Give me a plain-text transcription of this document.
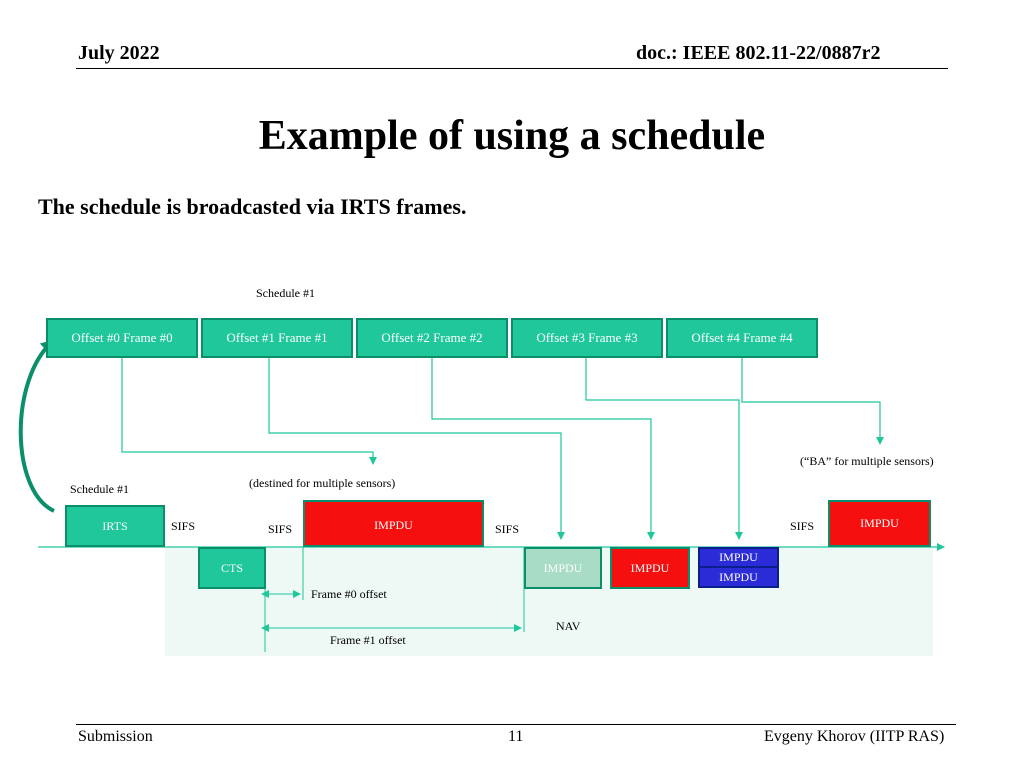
July 2022	doc.: IEEE 802.11-22/0887r2
Example of using a schedule
The schedule is broadcasted via IRTS frames.
Schedule #1
Offset #0 Frame #0	Offset #1 Frame #1	Offset #2 Frame #2	Offset #3 Frame #3	Offset #4 Frame #4
(“BA” for multiple sensors)
(destined for multiple sensors)
Schedule #1
IRTS	SIFS	SIFS	IMPDU	SIFS	SIFS	IMPDU
CTS	IMPDU	IMPDU
IMPDU
IMPDU
Frame #0 offset
Frame #1 offset
NAV
Submission	11	Evgeny Khorov (IITP RAS)
